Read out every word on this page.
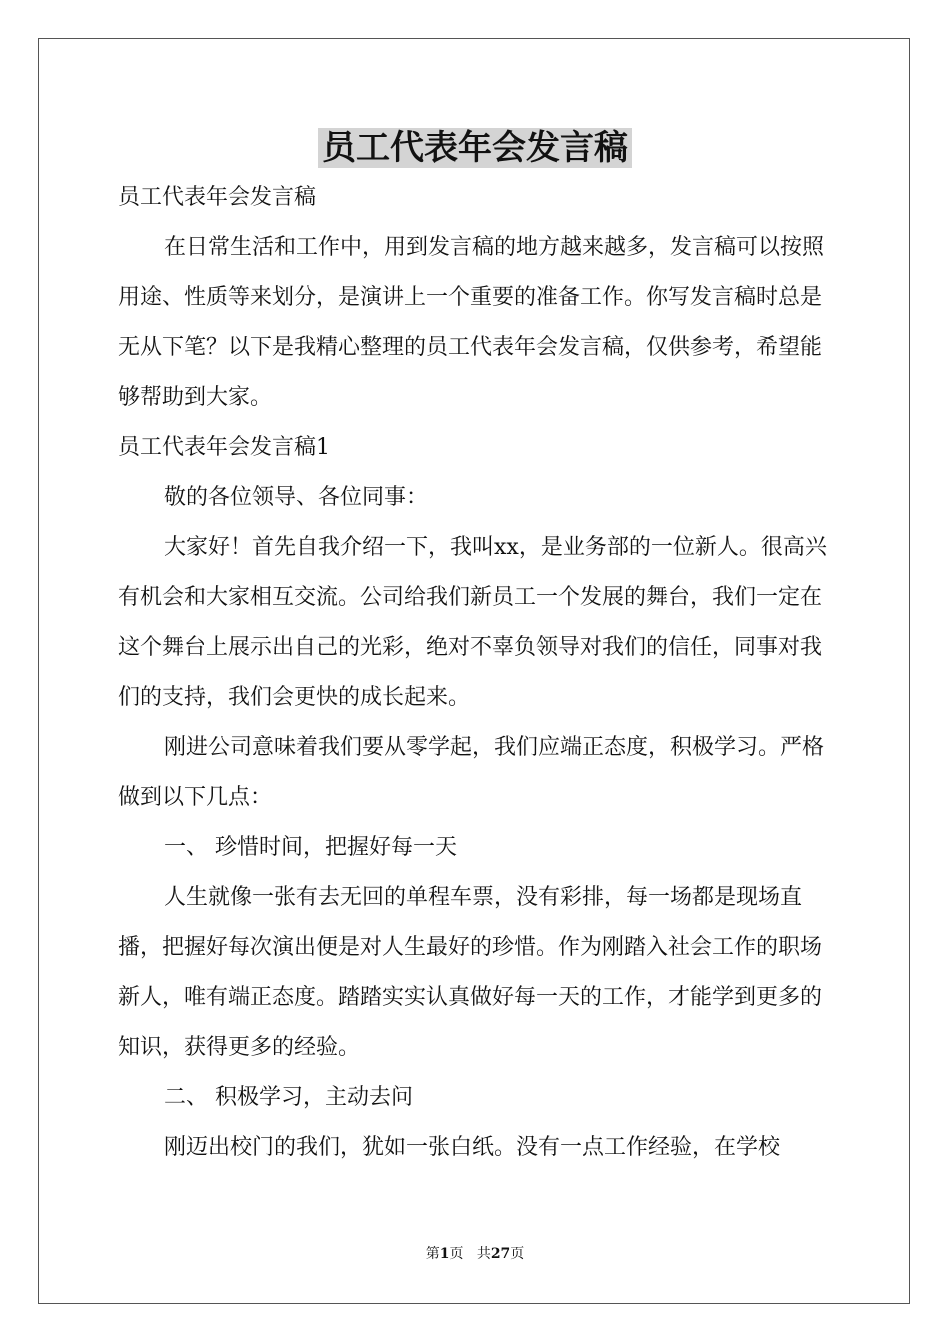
员工代表年会发言稿

员工代表年会发言稿

在日常生活和工作中，用到发言稿的地方越来越多，发言稿可以按照用途、性质等来划分，是演讲上一个重要的准备工作。你写发言稿时总是无从下笔？以下是我精心整理的员工代表年会发言稿，仅供参考，希望能够帮助到大家。

员工代表年会发言稿1

敬的各位领导、各位同事：

大家好！首先自我介绍一下，我叫xx，是业务部的一位新人。很高兴有机会和大家相互交流。公司给我们新员工一个发展的舞台，我们一定在这个舞台上展示出自己的光彩，绝对不辜负领导对我们的信任，同事对我们的支持，我们会更快的成长起来。

刚进公司意味着我们要从零学起，我们应端正态度，积极学习。严格做到以下几点：

一、 珍惜时间，把握好每一天

人生就像一张有去无回的单程车票，没有彩排，每一场都是现场直播，把握好每次演出便是对人生最好的珍惜。作为刚踏入社会工作的职场新人，唯有端正态度。踏踏实实认真做好每一天的工作，才能学到更多的知识，获得更多的经验。

二、 积极学习，主动去问

刚迈出校门的我们，犹如一张白纸。没有一点工作经验，在学校

第1页 共27页
